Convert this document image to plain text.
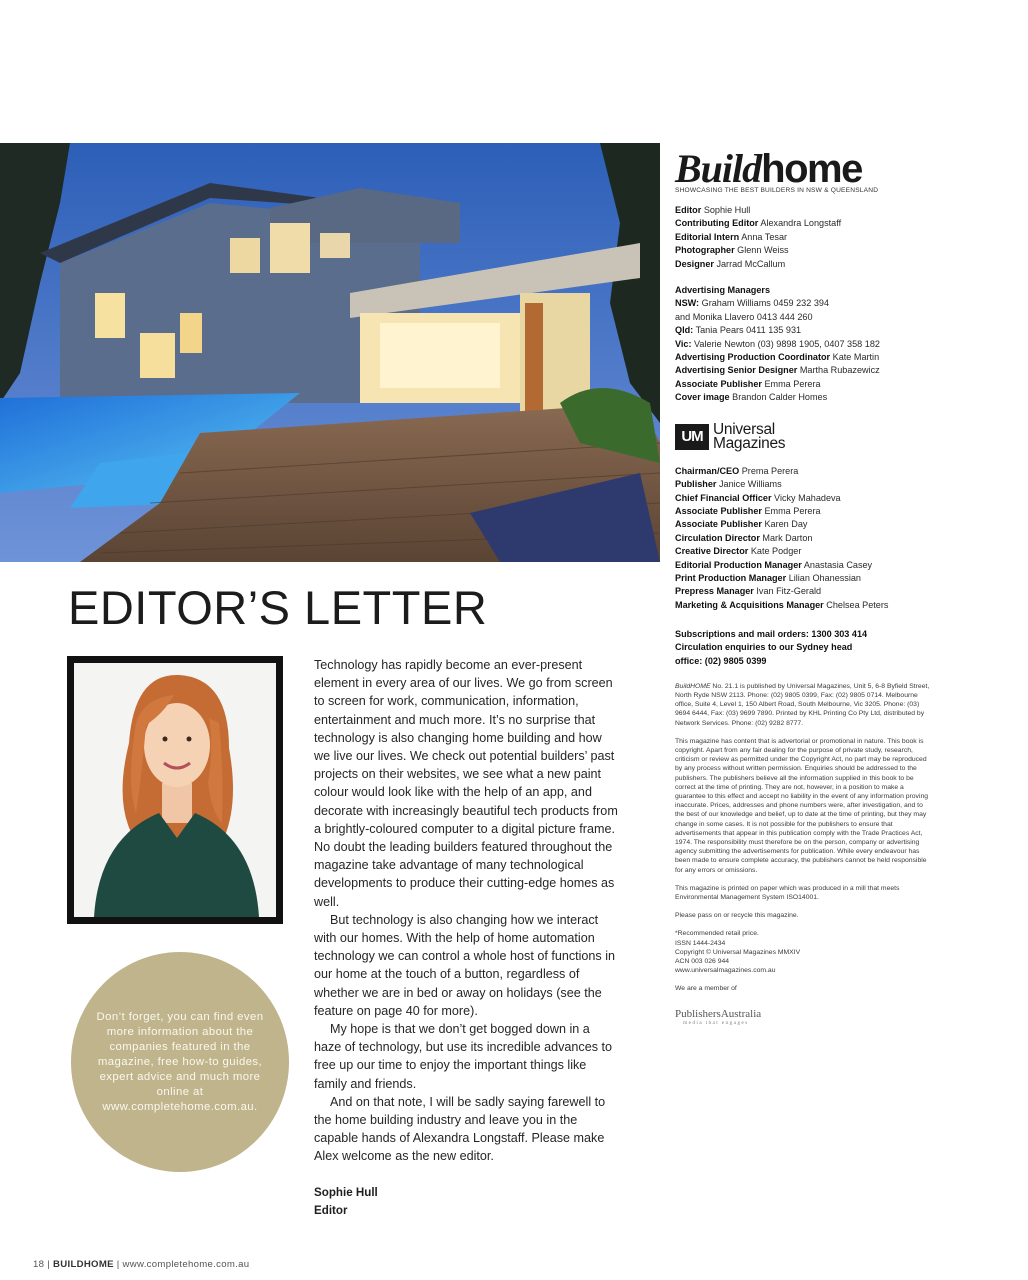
EDITOR’S LETTER

Don’t forget, you can find even more information about the companies featured in the magazine, free how-to guides, expert advice and much more online at www.completehome.com.au.

Technology has rapidly become an ever-present element in every area of our lives. We go from screen to screen for work, communication, information, entertainment and much more. It’s no surprise that technology is also changing home building and how we live our lives. We check out potential builders’ past projects on their websites, we see what a new paint colour would look like with the help of an app, and decorate with increasingly beautiful tech products from a brightly-coloured computer to a digital picture frame. No doubt the leading builders featured throughout the magazine take advantage of many technological developments to produce their cutting-edge homes as well.

But technology is also changing how we interact with our homes. With the help of home automation technology we can control a whole host of functions in our home at the touch of a button, regardless of whether we are in bed or away on holidays (see the feature on page 40 for more).

My hope is that we don’t get bogged down in a haze of technology, but use its incredible advances to free up our time to enjoy the important things like family and friends.

And on that note, I will be sadly saying farewell to the home building industry and leave you in the capable hands of Alexandra Longstaff. Please make Alex welcome as the new editor.

Sophie Hull
Editor
18 | BUILDHOME | www.completehome.com.au
Build home
SHOWCASING THE BEST BUILDERS IN NSW & QUEENSLAND
Editor Sophie Hull
Contributing Editor Alexandra Longstaff
Editorial Intern Anna Tesar
Photographer Glenn Weiss
Designer Jarrad McCallum
Advertising Managers
NSW: Graham Williams 0459 232 394
and Monika Llavero 0413 444 260
Qld: Tania Pears 0411 135 931
Vic: Valerie Newton (03) 9898 1905, 0407 358 182
Advertising Production Coordinator Kate Martin
Advertising Senior Designer Martha Rubazewicz
Associate Publisher Emma Perera
Cover image Brandon Calder Homes
UM Universal
Magazines
Chairman/CEO Prema Perera
Publisher Janice Williams
Chief Financial Officer Vicky Mahadeva
Associate Publisher Emma Perera
Associate Publisher Karen Day
Circulation Director Mark Darton
Creative Director Kate Podger
Editorial Production Manager Anastasia Casey
Print Production Manager Lilian Ohanessian
Prepress Manager Ivan Fitz-Gerald
Marketing & Acquisitions Manager Chelsea Peters
Subscriptions and mail orders: 1300 303 414 Circulation enquiries to our Sydney head office: (02) 9805 0399

BuildHOME No. 21.1 is published by Universal Magazines, Unit 5, 6-8 Byfield Street, North Ryde NSW 2113. Phone: (02) 9805 0399, Fax: (02) 9805 0714. Melbourne office, Suite 4, Level 1, 150 Albert Road, South Melbourne, Vic 3205. Phone: (03) 9694 6444, Fax: (03) 9699 7890. Printed by KHL Printing Co Pty Ltd, distributed by Network Services. Phone: (02) 9282 8777.

This magazine has content that is advertorial or promotional in nature. This book is copyright. Apart from any fair dealing for the purpose of private study, research, criticism or review as permitted under the Copyright Act, no part may be reproduced by any process without written permission. Enquiries should be addressed to the publishers. The publishers believe all the information supplied in this book to be correct at the time of printing. They are not, however, in a position to make a guarantee to this effect and accept no liability in the event of any information proving inaccurate. Prices, addresses and phone numbers were, after investigation, and to the best of our knowledge and belief, up to date at the time of printing, but they may change in some cases. It is not possible for the publishers to ensure that advertisements that appear in this publication comply with the Trade Practices Act, 1974. The responsibility must therefore be on the person, company or advertising agency submitting the advertisements for publication. While every endeavour has been made to ensure complete accuracy, the publishers cannot be held responsible for any errors or omissions.

This magazine is printed on paper which was produced in a mill that meets Environmental Management System ISO14001.

Please pass on or recycle this magazine.

*Recommended retail price.
ISSN 1444-2434
Copyright © Universal Magazines MMXIV
ACN 003 026 944
www.universalmagazines.com.au

We are a member of

PublishersAustralia
media that engages
